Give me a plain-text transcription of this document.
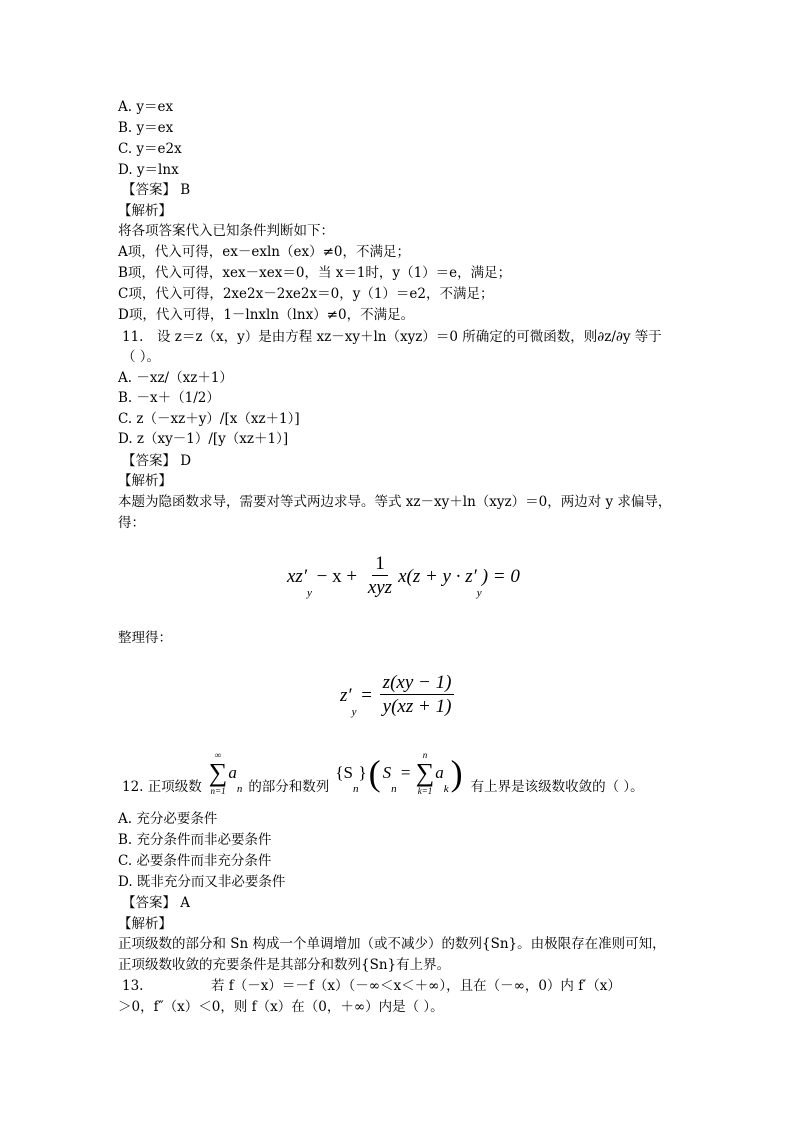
A. y＝ex
B. y＝ex
C. y＝e2x
D. y＝lnx
【答案】 B
【解析】
将各项答案代入已知条件判断如下：
A项，代入可得，ex－exln（ex）≠0，不满足；
B项，代入可得，xex－xex＝0，当 x＝1时，y（1）＝e，满足；
C项，代入可得，2xe2x－2xe2x＝0，y（1）＝e2，不满足；
D项，代入可得，1－lnxln（lnx）≠0，不满足。
11.　设 z＝z（x，y）是由方程 xz－xy＋ln（xyz）＝0 所确定的可微函数，则∂z/∂y 等于
（ ）。
A. －xz/（xz＋1）
B. －x＋（1/2）
C. z（－xz＋y）/[x（xz＋1）]
D. z（xy－1）/[y（xz＋1）]
【答案】 D
【解析】
本题为隐函数求导，需要对等式两边求导。等式 xz－xy＋ln（xyz）＝0，两边对 y 求偏导，
得：
xz′
y
− $x + \frac{1}{\text{xyz}} x(z + y \cdot z'$
y
) = 0
整理得：
z′
y
= $\frac{z(xy - 1)}{y(xz + 1)}$
12. 正项级数
∞
∑
n=1
a
n 的部分和数列
{S
n
} ( S
n
=
n
∑
k=1
a
k ) 有上界是该级数收敛的（ ）。
A. 充分必要条件
B. 充分条件而非必要条件
C. 必要条件而非充分条件
D. 既非充分而又非必要条件
【答案】 A
【解析】
正项级数的部分和 Sn 构成一个单调增加（或不减少）的数列{Sn}。由极限存在准则可知，
正项级数收敛的充要条件是其部分和数列{Sn}有上界。
13.　　　　　若 f（－x）＝－f（x）（－∞＜x＜＋∞），且在（－∞，0）内 f′（x）
＞0，f″（x）＜0，则 f（x）在（0，＋∞）内是（ ）。
